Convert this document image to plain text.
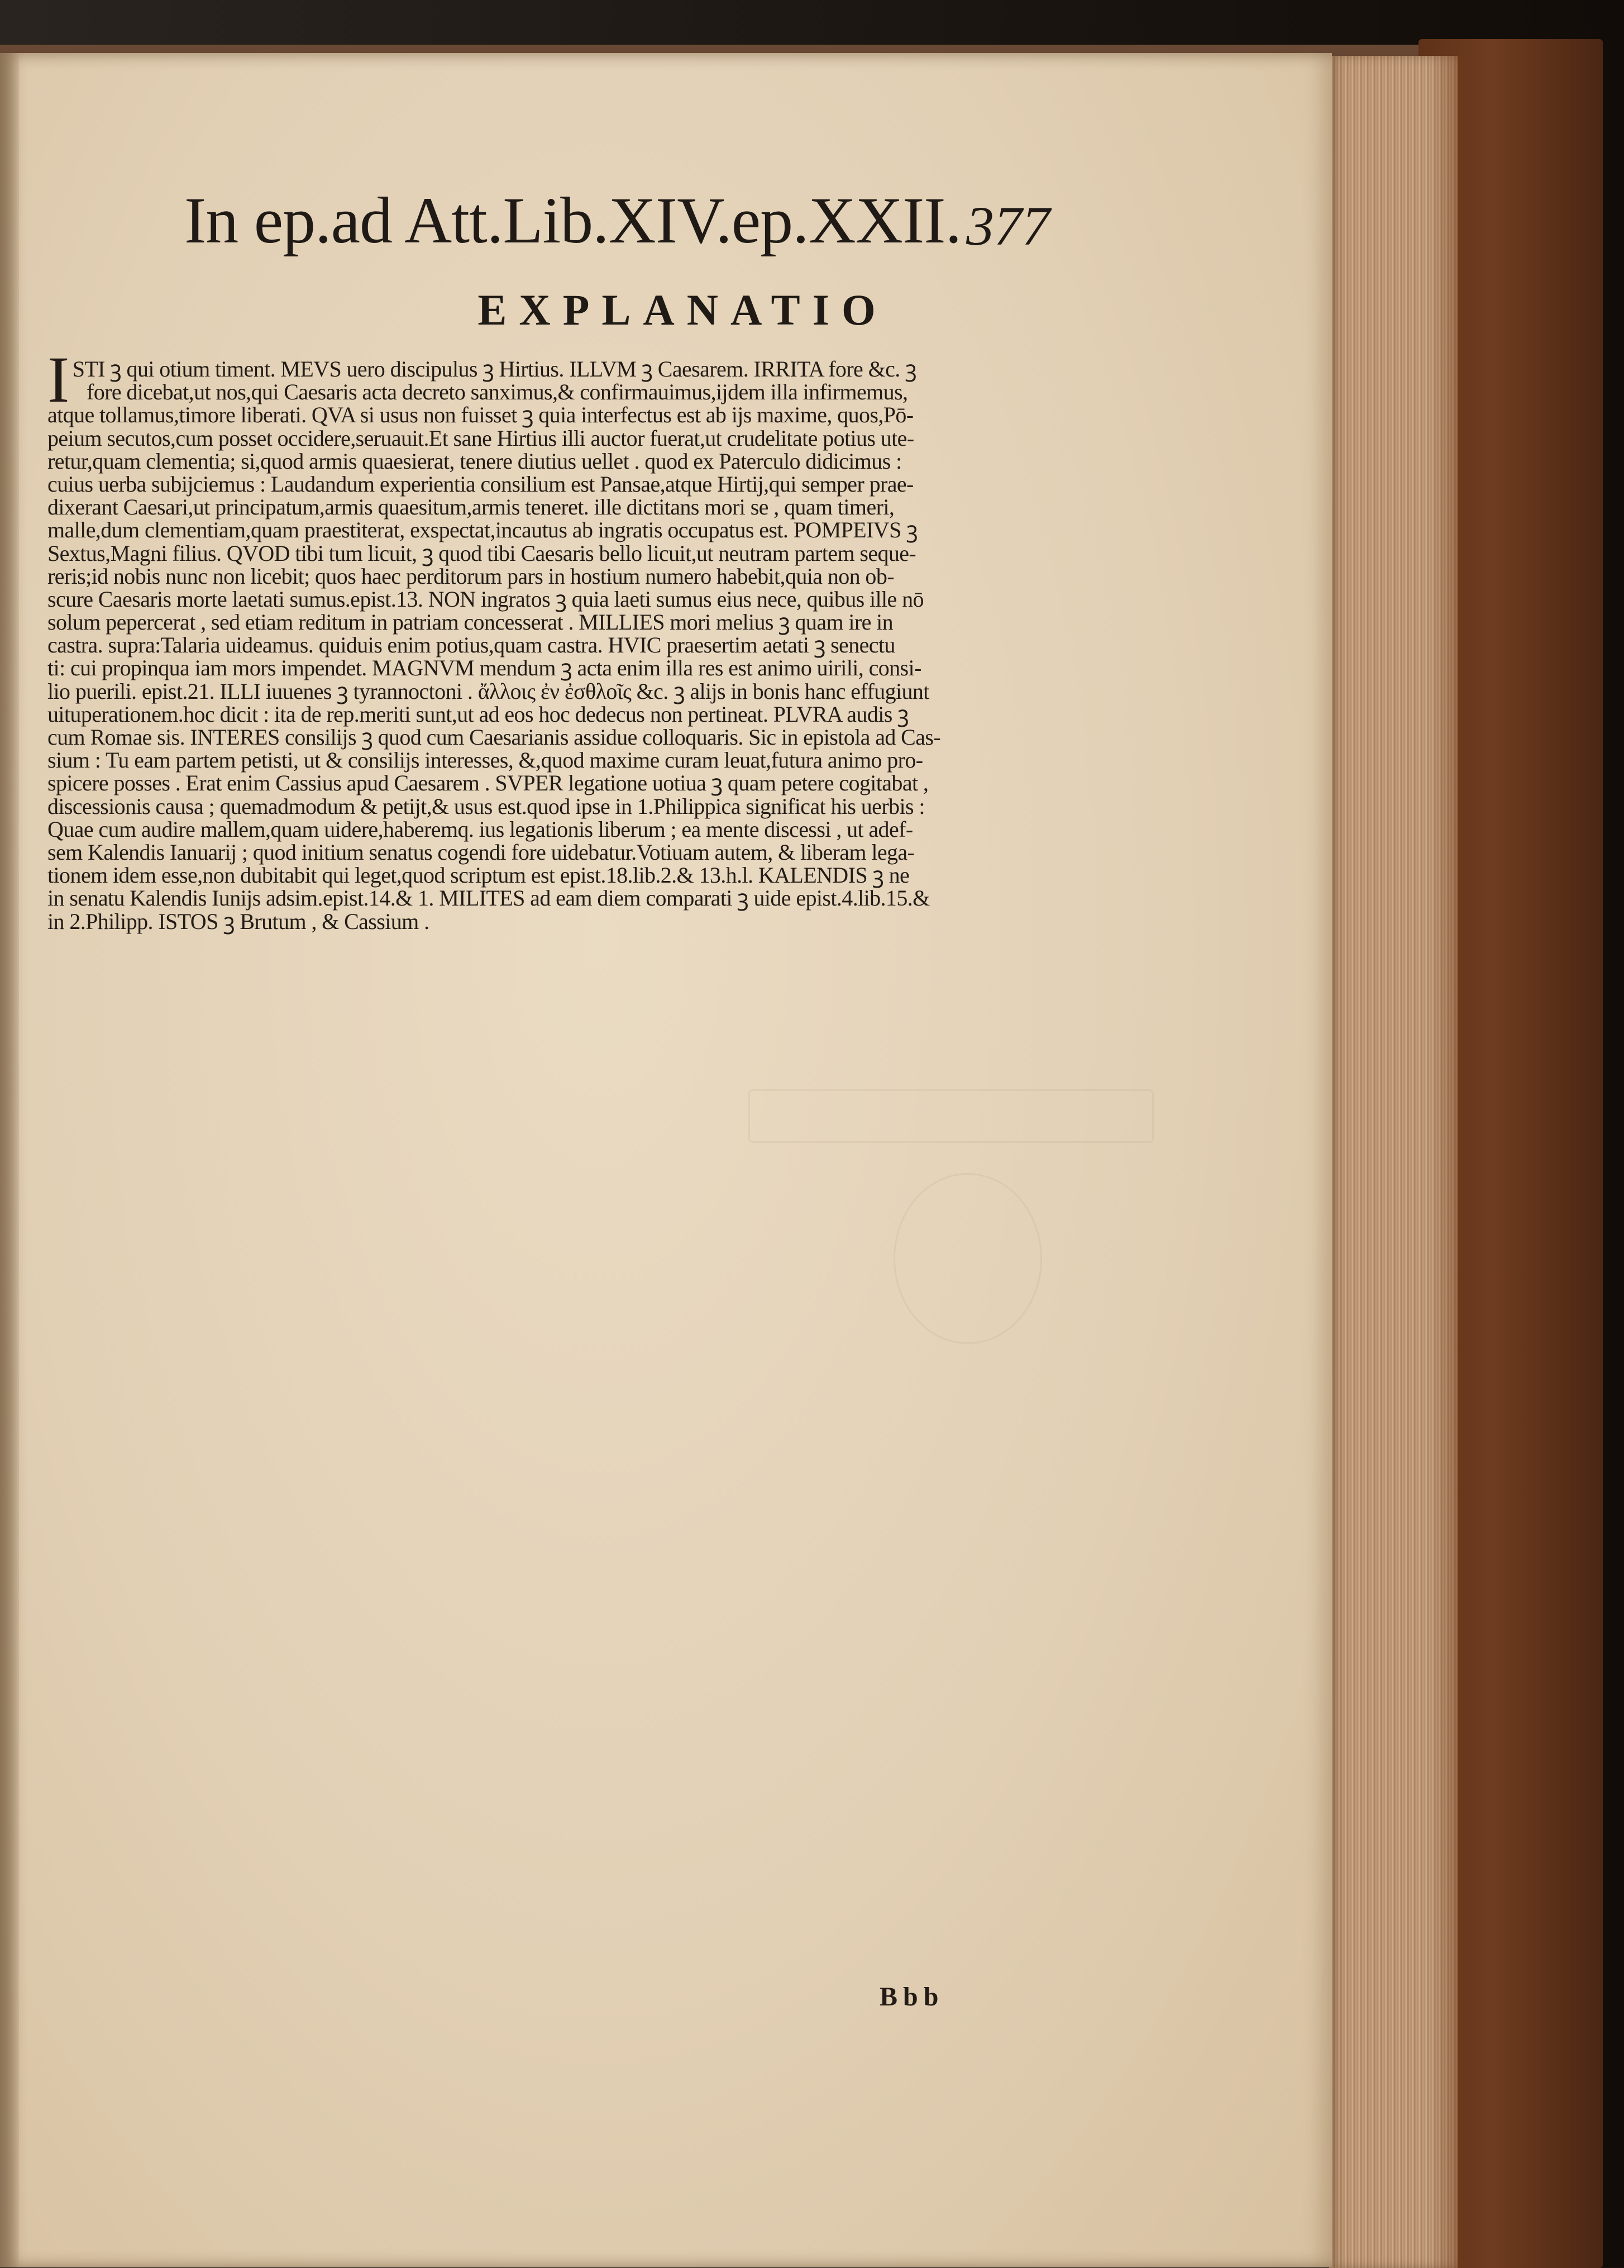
In ep.ad Att.Lib.XIV.ep.XXII. 377
EXPLANATIO
ISTI ꝫ qui otium timent. MEVS uero discipulus ꝫ Hirtius. ILLVM ꝫ Caesarem. IRRITA fore &c. ꝫ
fore dicebat,ut nos,qui Caesaris acta decreto sanximus,& confirmauimus,ijdem illa infirmemus,
atque tollamus,timore liberati. QVA si usus non fuisset ꝫ quia interfectus est ab ijs maxime, quos,Pō-
peium secutos,cum posset occidere,seruauit.Et sane Hirtius illi auctor fuerat,ut crudelitate potius ute-
retur,quam clementia; si,quod armis quaesierat, tenere diutius uellet . quod ex Paterculo didicimus :
cuius uerba subijciemus : Laudandum experientia consilium est Pansae,atque Hirtij,qui semper prae-
dixerant Caesari,ut principatum,armis quaesitum,armis teneret. ille dictitans mori se , quam timeri,
malle,dum clementiam,quam praestiterat, exspectat,incautus ab ingratis occupatus est. POMPEIVS ꝫ
Sextus,Magni filius. QVOD tibi tum licuit, ꝫ quod tibi Caesaris bello licuit,ut neutram partem seque-
reris;id nobis nunc non licebit; quos haec perditorum pars in hostium numero habebit,quia non ob-
scure Caesaris morte laetati sumus.epist.13. NON ingratos ꝫ quia laeti sumus eius nece, quibus ille nō
solum pepercerat , sed etiam reditum in patriam concesserat . MILLIES mori melius ꝫ quam ire in
castra. supra:Talaria uideamus. quiduis enim potius,quam castra. HVIC praesertim aetati ꝫ senectu
ti: cui propinqua iam mors impendet. MAGNVM mendum ꝫ acta enim illa res est animo uirili, consi-
lio puerili. epist.21. ILLI iuuenes ꝫ tyrannoctoni . ἄλλοις ἐν ἐσθλοῖς &c. ꝫ alijs in bonis hanc effugiunt
uituperationem.hoc dicit : ita de rep.meriti sunt,ut ad eos hoc dedecus non pertineat. PLVRA audis ꝫ
cum Romae sis. INTERES consilijs ꝫ quod cum Caesarianis assidue colloquaris. Sic in epistola ad Cas-
sium : Tu eam partem petisti, ut & consilijs interesses, &,quod maxime curam leuat,futura animo pro-
spicere posses . Erat enim Cassius apud Caesarem . SVPER legatione uotiua ꝫ quam petere cogitabat ,
discessionis causa ; quemadmodum & petijt,& usus est.quod ipse in 1.Philippica significat his uerbis :
Quae cum audire mallem,quam uidere,haberemq. ius legationis liberum ; ea mente discessi , ut adef-
sem Kalendis Ianuarij ; quod initium senatus cogendi fore uidebatur.Votiuam autem, & liberam lega-
tionem idem esse,non dubitabit qui leget,quod scriptum est epist.18.lib.2.& 13.h.l. KALENDIS ꝫ ne
in senatu Kalendis Iunijs adsim.epist.14.& 1. MILITES ad eam diem comparati ꝫ uide epist.4.lib.15.&
in 2.Philipp. ISTOS ꝫ Brutum , & Cassium .
Bbb
